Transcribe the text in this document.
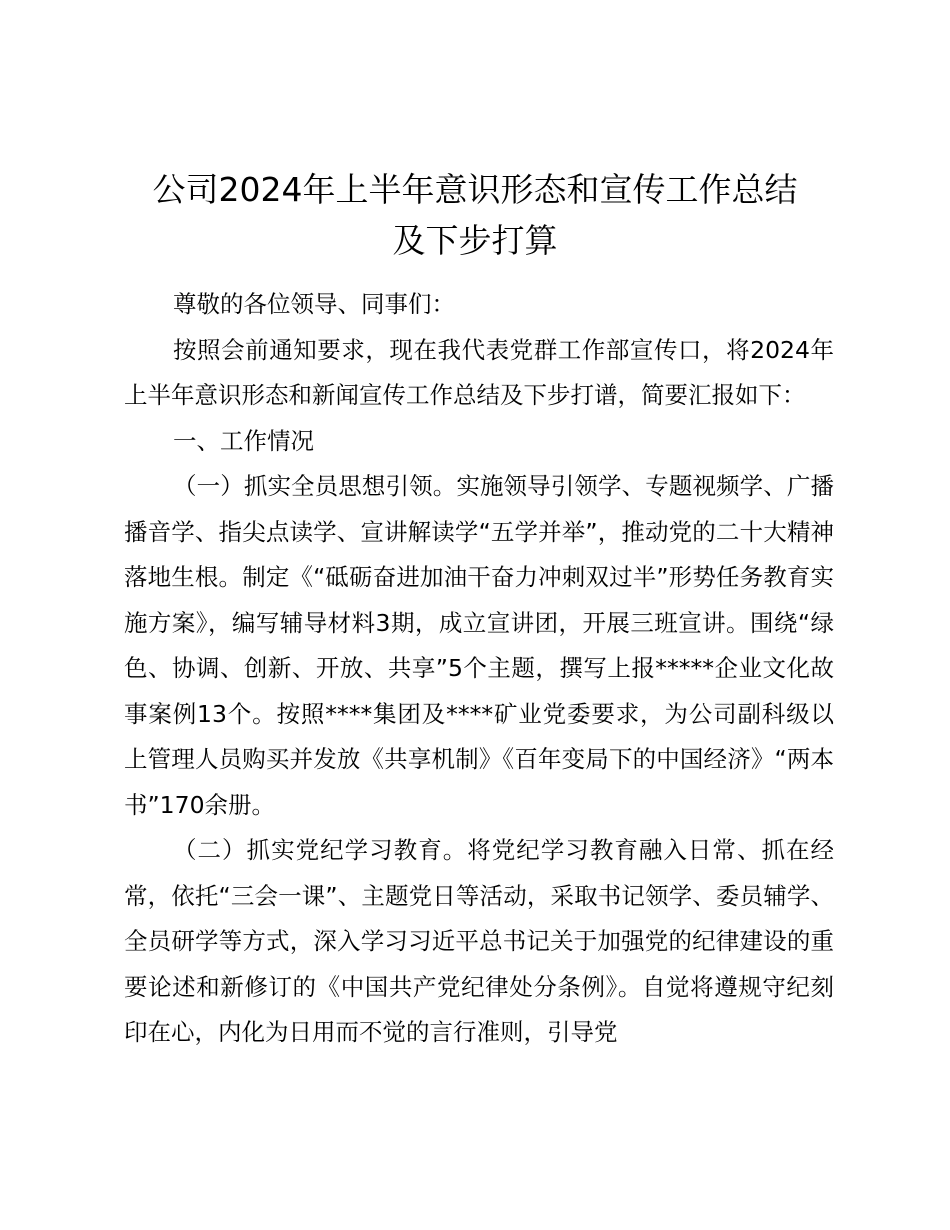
公司2024年上半年意识形态和宣传工作总结
及下步打算

尊敬的各位领导、同事们：

按照会前通知要求，现在我代表党群工作部宣传口，将2024年上半年意识形态和新闻宣传工作总结及下步打谱，简要汇报如下：

一、工作情况

（一）抓实全员思想引领。实施领导引领学、专题视频学、广播播音学、指尖点读学、宣讲解读学“五学并举”，推动党的二十大精神落地生根。制定《“砥砺奋进加油干奋力冲刺双过半”形势任务教育实施方案》，编写辅导材料3期，成立宣讲团，开展三班宣讲。围绕“绿色、协调、创新、开放、共享”5个主题，撰写上报*****企业文化故事案例13个。按照****集团及****矿业党委要求，为公司副科级以上管理人员购买并发放《共享机制》《百年变局下的中国经济》“两本书”170余册。

（二）抓实党纪学习教育。将党纪学习教育融入日常、抓在经常，依托“三会一课”、主题党日等活动，采取书记领学、委员辅学、全员研学等方式，深入学习习近平总书记关于加强党的纪律建设的重要论述和新修订的《中国共产党纪律处分条例》。自觉将遵规守纪刻印在心，内化为日用而不觉的言行准则，引导党
